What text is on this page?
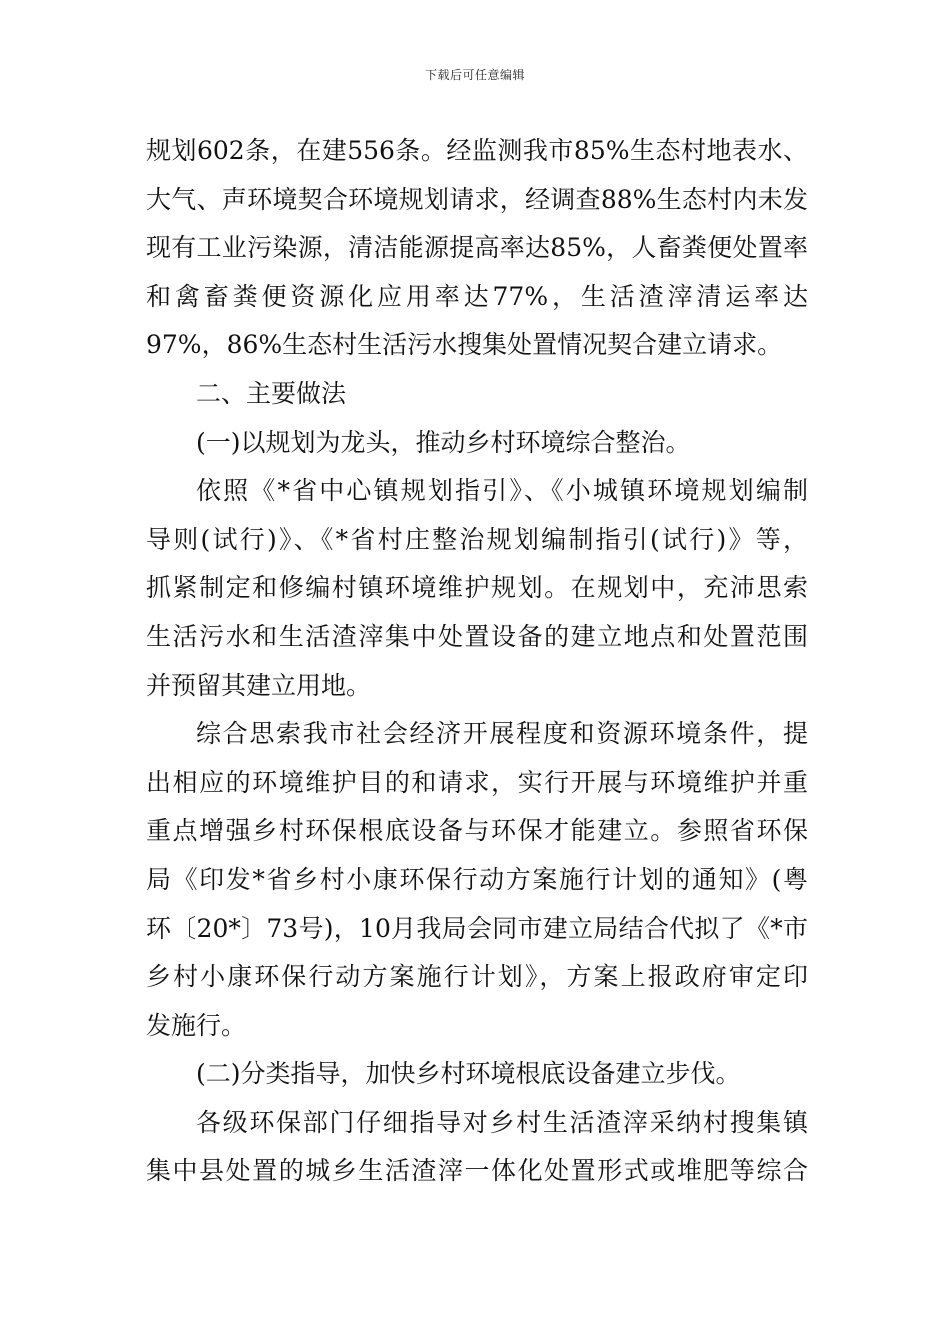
下载后可任意编辑
规划602条，在建556条。经监测我市85%生态村地表水、
大气、声环境契合环境规划请求，经调查88%生态村内未发
现有工业污染源，清洁能源提高率达85%，人畜粪便处置率
和禽畜粪便资源化应用率达77%，生活渣滓清运率达
97%，86%生态村生活污水搜集处置情况契合建立请求。
二、主要做法
(一)以规划为龙头，推动乡村环境综合整治。
依照《*省中心镇规划指引》、《小城镇环境规划编制
导则(试行)》、《*省村庄整治规划编制指引(试行)》等，
抓紧制定和修编村镇环境维护规划。在规划中，充沛思索
生活污水和生活渣滓集中处置设备的建立地点和处置范围
并预留其建立用地。
综合思索我市社会经济开展程度和资源环境条件，提
出相应的环境维护目的和请求，实行开展与环境维护并重
重点增强乡村环保根底设备与环保才能建立。参照省环保
局《印发*省乡村小康环保行动方案施行计划的通知》(粤
环〔20*〕73号)，10月我局会同市建立局结合代拟了《*市
乡村小康环保行动方案施行计划》，方案上报政府审定印
发施行。
(二)分类指导，加快乡村环境根底设备建立步伐。
各级环保部门仔细指导对乡村生活渣滓采纳村搜集镇
集中县处置的城乡生活渣滓一体化处置形式或堆肥等综合
